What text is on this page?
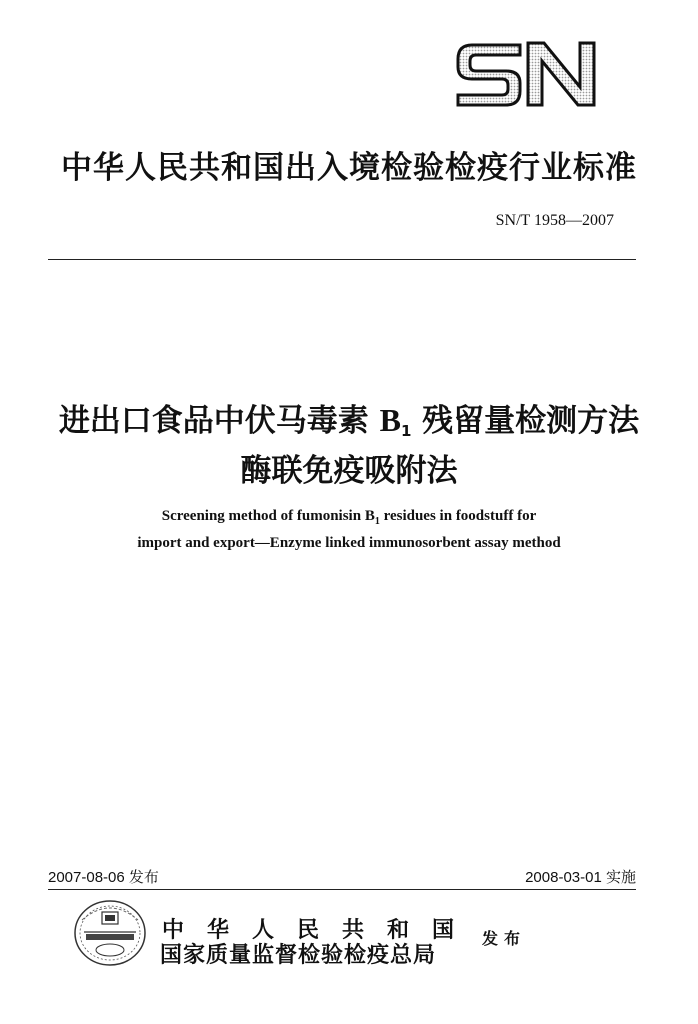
中华人民共和国出入境检验检疫行业标准
SN/T 1958—2007
进出口食品中伏马毒素 $B_1$ 残留量检测方法
酶联免疫吸附法
Screening method of fumonisin $B_1$ residues in foodstuff for
import and export—Enzyme linked immunosorbent assay method
2007-08-06 发布	2008-03-01 实施
中华人民共和国
国家质量监督检验检疫总局
发布
